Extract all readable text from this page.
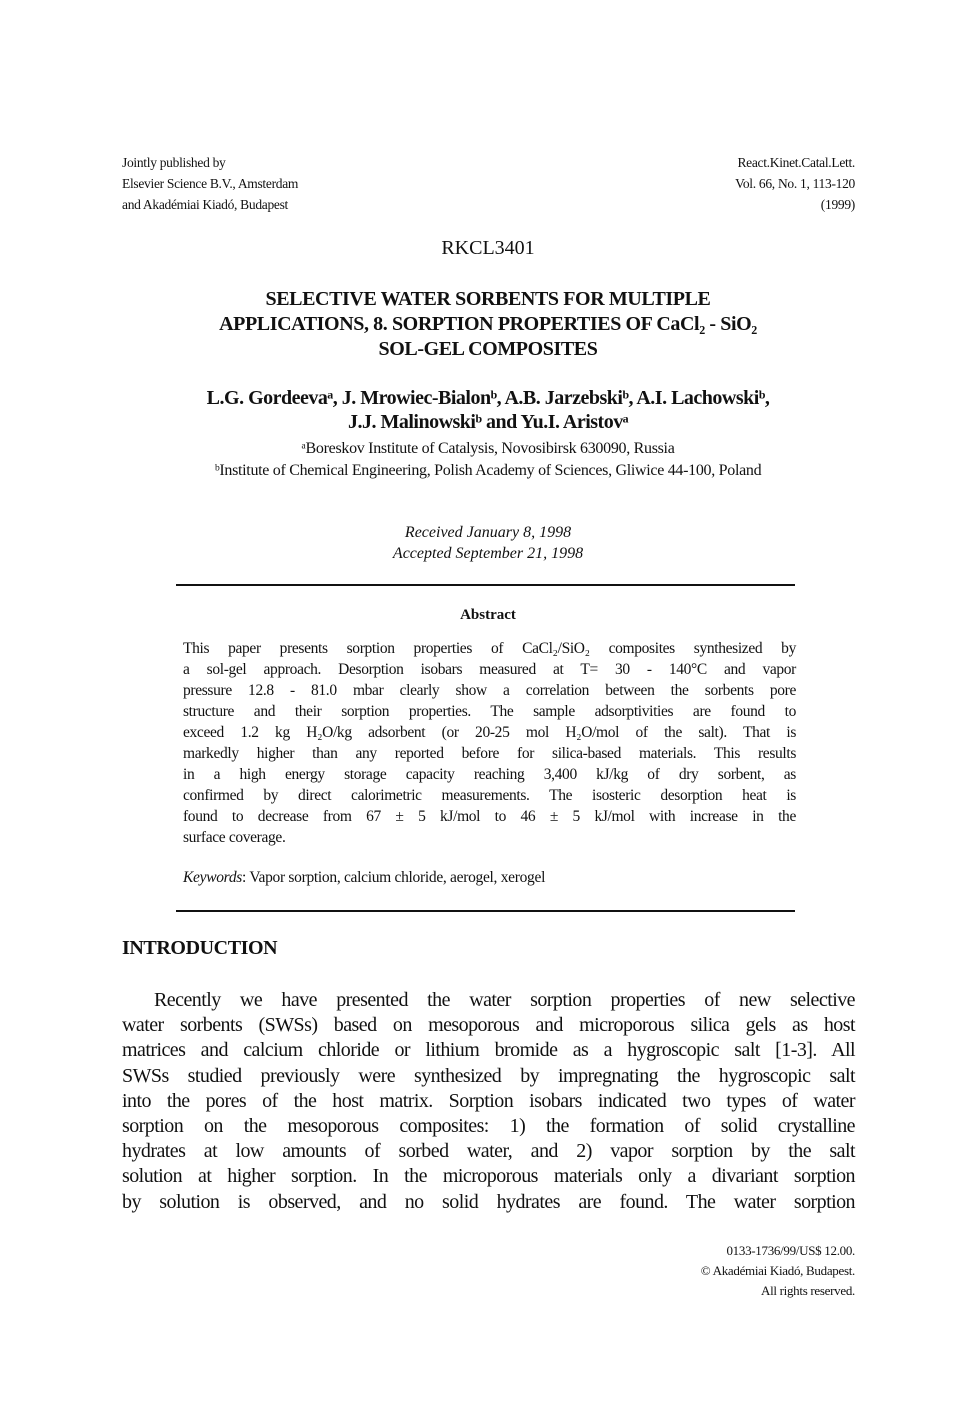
Jointly published by
Elsevier Science B.V., Amsterdam
and Akadémiai Kiadó, Budapest
React.Kinet.Catal.Lett.
Vol. 66, No. 1, 113-120
(1999)
RKCL3401
SELECTIVE WATER SORBENTS FOR MULTIPLE
APPLICATIONS, 8. SORPTION PROPERTIES OF CaCl₂ - SiO₂
SOL-GEL COMPOSITES
L.G. Gordeevaᵃ, J. Mrowiec-Bialonᵇ, A.B. Jarzebskiᵇ, A.I. Lachowskiᵇ,
J.J. Malinowskiᵇ and Yu.I. Aristovᵃ
ᵃBoreskov Institute of Catalysis, Novosibirsk 630090, Russia
ᵇInstitute of Chemical Engineering, Polish Academy of Sciences, Gliwice 44-100, Poland
Received January 8, 1998
Accepted September 21, 1998
Abstract
This paper presents sorption properties of CaCl₂/SiO₂ composites synthesized by
a sol-gel approach. Desorption isobars measured at T= 30 - 140°C and vapor
pressure 12.8 - 81.0 mbar clearly show a correlation between the sorbents pore
structure and their sorption properties. The sample adsorptivities are found to
exceed 1.2 kg H₂O/kg adsorbent (or 20-25 mol H₂O/mol of the salt). That is
markedly higher than any reported before for silica-based materials. This results
in a high energy storage capacity reaching 3,400 kJ/kg of dry sorbent, as
confirmed by direct calorimetric measurements. The isosteric desorption heat is
found to decrease from 67 ± 5 kJ/mol to 46 ± 5 kJ/mol with increase in the
surface coverage.
Keywords: Vapor sorption, calcium chloride, aerogel, xerogel
INTRODUCTION
Recently we have presented the water sorption properties of new selective
water sorbents (SWSs) based on mesoporous and microporous silica gels as host
matrices and calcium chloride or lithium bromide as a hygroscopic salt [1-3]. All
SWSs studied previously were synthesized by impregnating the hygroscopic salt
into the pores of the host matrix. Sorption isobars indicated two types of water
sorption on the mesoporous composites: 1) the formation of solid crystalline
hydrates at low amounts of sorbed water, and 2) vapor sorption by the salt
solution at higher sorption. In the microporous materials only a divariant sorption
by solution is observed, and no solid hydrates are found. The water sorption
0133-1736/99/US$ 12.00.
© Akadémiai Kiadó, Budapest.
All rights reserved.
